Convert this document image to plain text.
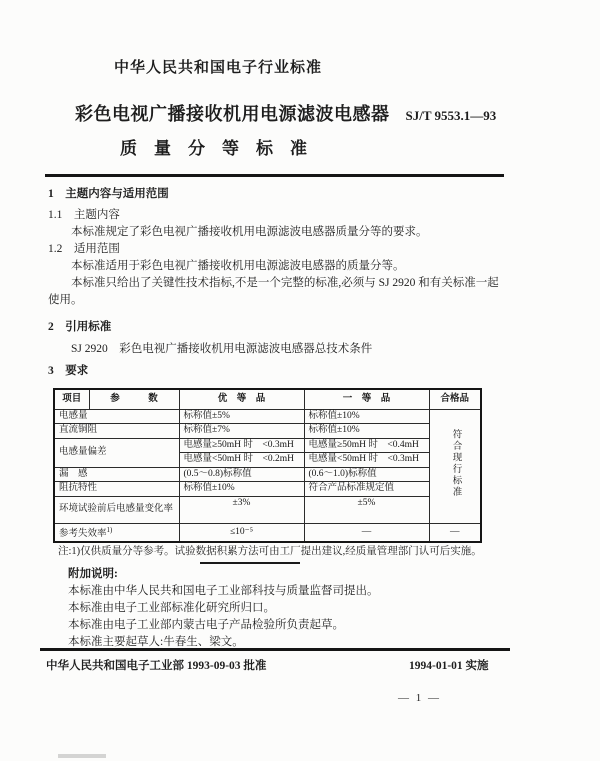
中华人民共和国电子行业标准
彩色电视广播接收机用电源滤波电感器 SJ/T 9553.1—93
质　量　分　等　标　准
1　主题内容与适用范围
1.1　主题内容
本标准规定了彩色电视广播接收机用电源滤波电感器质量分等的要求。
1.2　适用范围
本标准适用于彩色电视广播接收机用电源滤波电感器的质量分等。
本标准只给出了关键性技术指标,不是一个完整的标准,必须与 SJ 2920 和有关标准一起
使用。
2　引用标准
SJ 2920　彩色电视广播接收机用电源滤波电感器总技术条件
3　要求
项目	参　　　数	优　等　品	一　等　品	合格品
电感量		标称值±5%	标称值±10%	符合现行标准
直流铜阻		标称值±7%	标称值±10%	
电感量偏差		电感量≥50mH 时　<0.3mH	电感量≥50mH 时　<0.4mH	
		电感量<50mH 时　<0.2mH	电感量<50mH 时　<0.3mH	
漏　感		(0.5～0.8)标称值	(0.6～1.0)标称值	
阻抗特性		标称值±10%	符合产品标准规定值	
环境试验前后电感量变化率		±3%	±5%	
参考失效率$^{1)}$		≤10⁻⁵	—	—
注:1)仅供质量分等参考。试验数据积累方法可由工厂提出建议,经质量管理部门认可后实施。
附加说明:
本标准由中华人民共和国电子工业部科技与质量监督司提出。
本标准由电子工业部标准化研究所归口。
本标准由电子工业部内蒙古电子产品检验所负责起草。
本标准主要起草人:牛春生、梁文。
中华人民共和国电子工业部 1993-09-03 批准	1994-01-01 实施
— 1 —
